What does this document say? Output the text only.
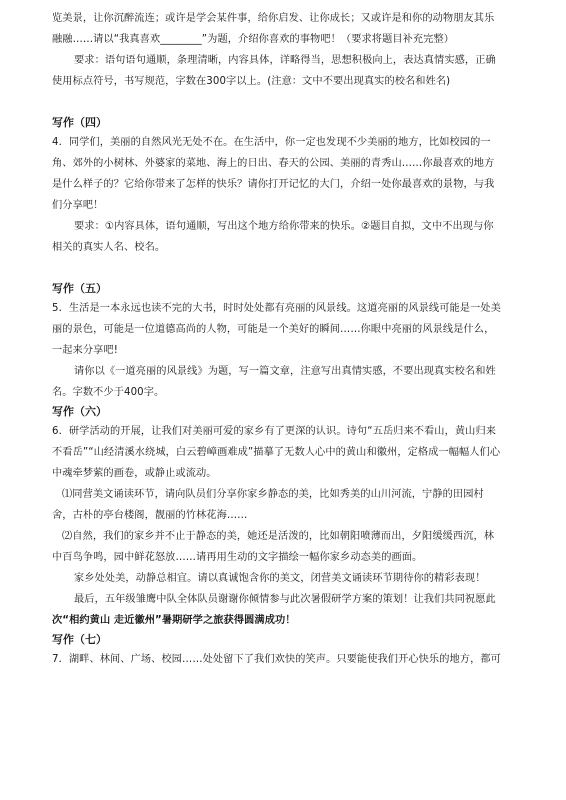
览美景，让你沉醉流连；或许是学会某件事，给你启发、让你成长；又或许是和你的动物朋友其乐

融融……请以“我真喜欢________”为题，介绍你喜欢的事物吧！（要求将题目补充完整）

要求：语句语句通顺，条理清晰，内容具体，详略得当，思想积极向上，表达真情实感，正确

使用标点符号，书写规范，字数在300字以上。(注意：文中不要出现真实的校名和姓名)

写作（四）

4．同学们，美丽的自然风光无处不在。在生活中，你一定也发现不少美丽的地方，比如校园的一

角、郊外的小树林、外婆家的菜地、海上的日出、春天的公园、美丽的青秀山……你最喜欢的地方

是什么样子的？它给你带来了怎样的快乐？请你打开记忆的大门，介绍一处你最喜欢的景物，与我

们分享吧！

要求：①内容具体，语句通顺，写出这个地方给你带来的快乐。②题目自拟，文中不出现与你

相关的真实人名、校名。

写作（五）

5．生活是一本永远也读不完的大书，时时处处都有亮丽的风景线。这道亮丽的风景线可能是一处美

丽的景色，可能是一位道德高尚的人物，可能是一个美好的瞬间……你眼中亮丽的风景线是什么，

一起来分享吧!

请你以《一道亮丽的风景线》为题，写一篇文章，注意写出真情实感，不要出现真实校名和姓

名。字数不少于400字。

写作（六）

6．研学活动的开展，让我们对美丽可爱的家乡有了更深的认识。诗句“五岳归来不看山，黄山归来

不看岳”“山经清溪水绕城，白云碧嶂画难成”描摹了无数人心中的黄山和徽州，定格成一幅幅人们心

中魂牵梦萦的画卷，或静止或流动。

⑴同营美文诵读环节，请向队员们分享你家乡静态的美，比如秀美的山川河流，宁静的田园村

舍，古朴的亭台楼阁，靓丽的竹林花海……

⑵自然，我们的家乡并不止于静态的美，她还是活泼的，比如朝阳喷薄而出，夕阳缓缓西沉，林

中百鸟争鸣，园中鲜花怒放……请再用生动的文字描绘一幅你家乡动态美的画面。

家乡处处美，动静总相宜。请以真诚饱含你的美文，闭营美文诵读环节期待你的精彩表现！

最后，五年级雏鹰中队全体队员谢谢你倾情参与此次暑假研学方案的策划！让我们共同祝愿此

次“相约黄山 走近徽州”暑期研学之旅获得圆满成功！

写作（七）

7．湖畔、林间、广场、校园……处处留下了我们欢快的笑声。只要能使我们开心快乐的地方，都可
